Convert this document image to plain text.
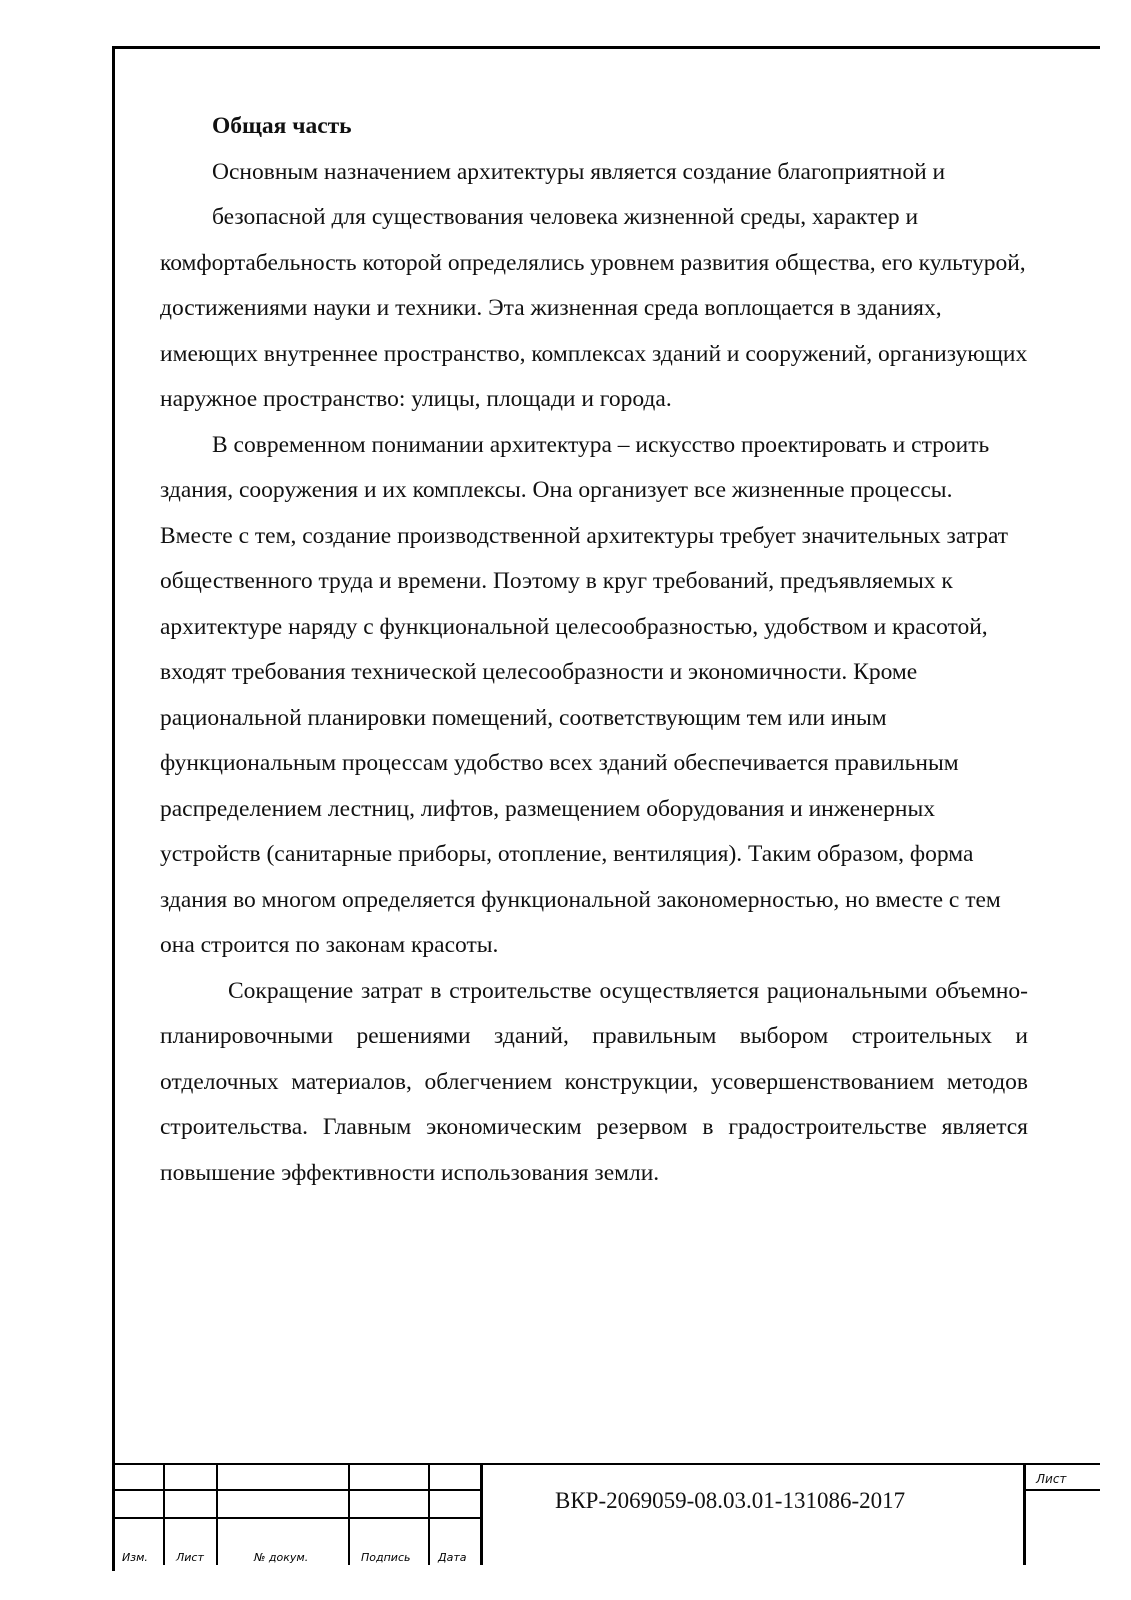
Общая часть

Основным назначением архитектуры является создание благоприятной и

безопасной для существования человека жизненной среды, характер и

комфортабельность которой определялись уровнем развития общества, его культурой, достижениями науки и техники. Эта жизненная среда воплощается в зданиях, имеющих внутреннее пространство, комплексах зданий и сооружений, организующих наружное пространство: улицы, площади и города.

В современном понимании архитектура – искусство проектировать и строить здания, сооружения и их комплексы. Она организует все жизненные процессы. Вместе с тем, создание производственной архитектуры требует значительных затрат общественного труда и времени. Поэтому в круг требований, предъявляемых к архитектуре наряду с функциональной целесообразностью, удобством и красотой, входят требования технической целесообразности и экономичности. Кроме рациональной планировки помещений, соответствующим тем или иным функциональным процессам удобство всех зданий обеспечивается правильным распределением лестниц, лифтов, размещением оборудования и инженерных устройств (санитарные приборы, отопление, вентиляция). Таким образом, форма здания во многом определяется функциональной закономерностью, но вместе с тем она строится по законам красоты.

Сокращение затрат в строительстве осуществляется рациональными объемно-планировочными решениями зданий, правильным выбором строительных и отделочных материалов, облегчением конструкции, усовершенствованием методов строительства. Главным экономическим резервом в градостроительстве является повышение эффективности использования земли.

Изм.	Лист	№ докум.	Подпись	Дата
ВКР-2069059-08.03.01-131086-2017
Лист
